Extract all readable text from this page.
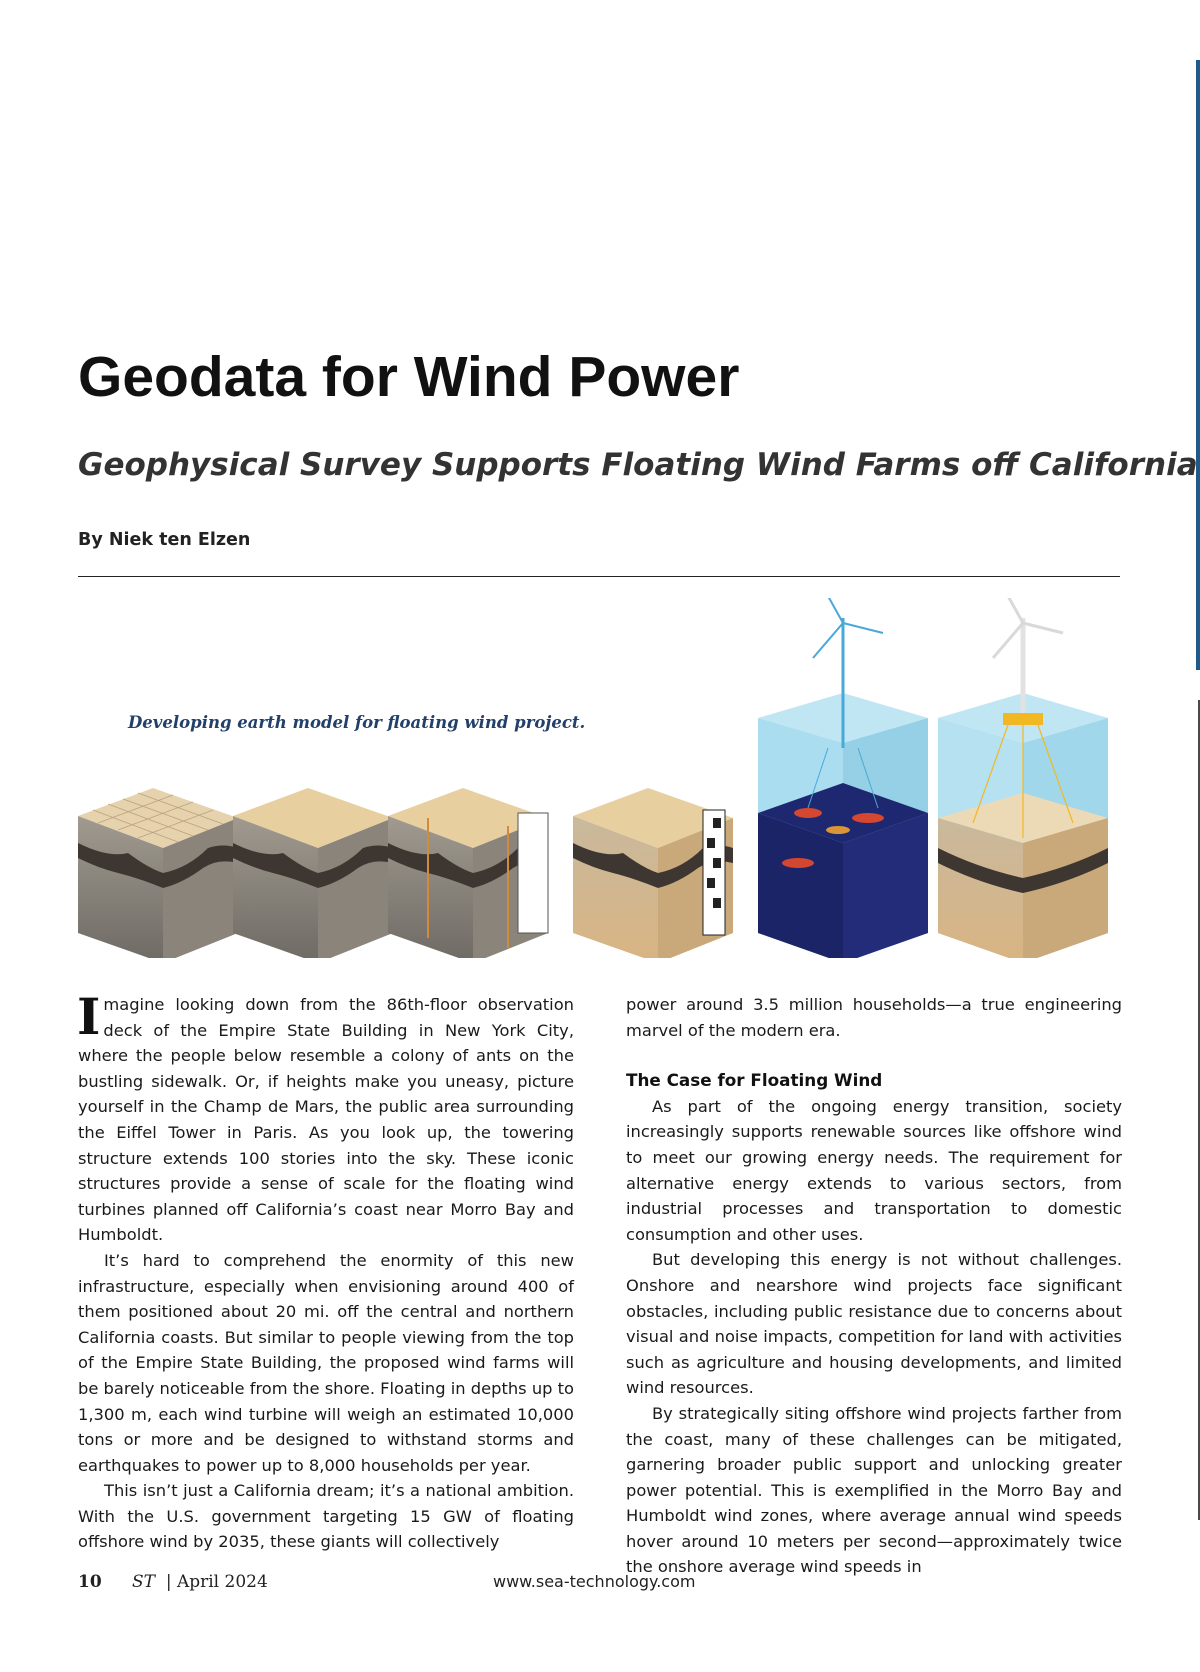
Geodata for Wind Power
Geophysical Survey Supports Floating Wind Farms off California
By Niek ten Elzen
Developing earth model for floating wind project.

Imagine looking down from the 86th-floor observation deck of the Empire State Building in New York City, where the people below resemble a colony of ants on the bustling sidewalk. Or, if heights make you uneasy, picture yourself in the Champ de Mars, the public area surrounding the Eiffel Tower in Paris. As you look up, the towering structure extends 100 stories into the sky. These iconic structures provide a sense of scale for the floating wind turbines planned off California’s coast near Morro Bay and Humboldt.

It’s hard to comprehend the enormity of this new infrastructure, especially when envisioning around 400 of them positioned about 20 mi. off the central and northern California coasts. But similar to people viewing from the top of the Empire State Building, the proposed wind farms will be barely noticeable from the shore. Floating in depths up to 1,300 m, each wind turbine will weigh an estimated 10,000 tons or more and be designed to withstand storms and earthquakes to power up to 8,000 households per year.

This isn’t just a California dream; it’s a national ambition. With the U.S. government targeting 15 GW of floating offshore wind by 2035, these giants will collectively

power around 3.5 million households—a true engineering marvel of the modern era.

The Case for Floating Wind

As part of the ongoing energy transition, society increasingly supports renewable sources like offshore wind to meet our growing energy needs. The requirement for alternative energy extends to various sectors, from industrial processes and transportation to domestic consumption and other uses.

But developing this energy is not without challenges. Onshore and nearshore wind projects face significant obstacles, including public resistance due to concerns about visual and noise impacts, competition for land with activities such as agriculture and housing developments, and limited wind resources.

By strategically siting offshore wind projects farther from the coast, many of these challenges can be mitigated, garnering broader public support and unlocking greater power potential. This is exemplified in the Morro Bay and Humboldt wind zones, where average annual wind speeds hover around 10 meters per second—approximately twice the onshore average wind speeds in

10 ST | April 2024	www.sea-technology.com
